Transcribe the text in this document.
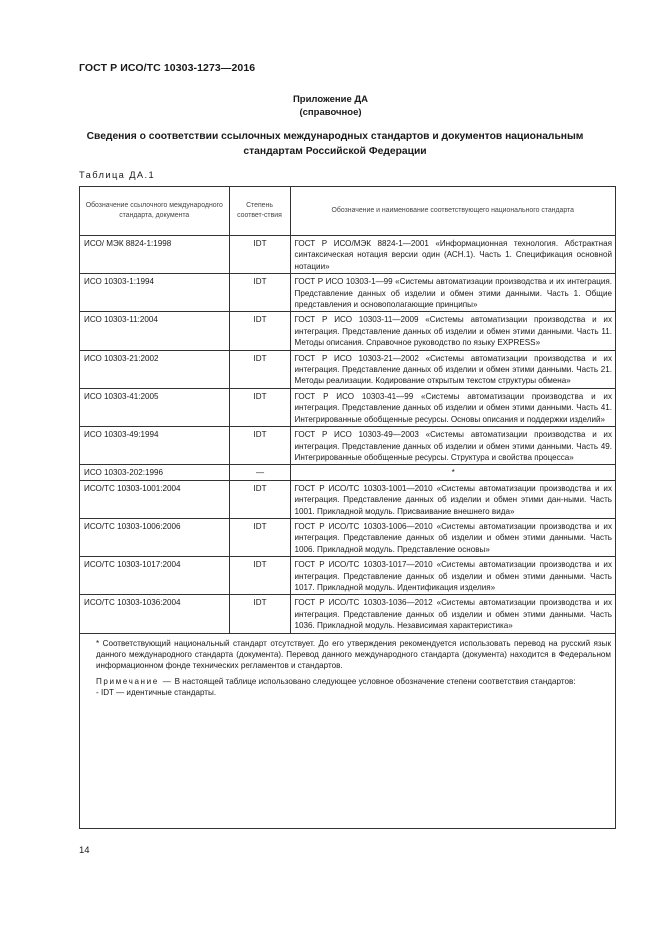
ГОСТ Р ИСО/ТС 10303-1273—2016
Приложение ДА
(справочное)
Сведения о соответствии ссылочных международных стандартов и документов национальным
стандартам Российской Федерации
Таблица ДА.1
Обозначение ссылочного международного стандарта, документа	Степень соответ-ствия	Обозначение и наименование соответствующего национального стандарта
ИСО/ МЭК 8824-1:1998	IDT	ГОСТ Р ИСО/МЭК 8824-1—2001 «Информационная технология. Абстрактная синтаксическая нотация версии один (АСН.1). Часть 1. Спецификация основной нотации»
ИСО 10303-1:1994	IDT	ГОСТ Р ИСО 10303-1—99 «Системы автоматизации производства и их интеграция. Представление данных об изделии и обмен этими данными. Часть 1. Общие представления и основополагающие принципы»
ИСО 10303-11:2004	IDT	ГОСТ Р ИСО 10303-11—2009 «Системы автоматизации производства и их интеграция. Представление данных об изделии и обмен этими данными. Часть 11. Методы описания. Справочное руководство по языку EXPRESS»
ИСО 10303-21:2002	IDT	ГОСТ Р ИСО 10303-21—2002 «Системы автоматизации производства и их интеграция. Представление данных об изделии и обмен этими данными. Часть 21. Методы реализации. Кодирование открытым текстом структуры обмена»
ИСО 10303-41:2005	IDT	ГОСТ Р ИСО 10303-41—99 «Системы автоматизации производства и их интеграция. Представление данных об изделии и обмен этими данными. Часть 41. Интегрированные обобщенные ресурсы. Основы описания и поддержки изделий»
ИСО 10303-49:1994	IDT	ГОСТ Р ИСО 10303-49—2003 «Системы автоматизации производства и их интеграция. Представление данных об изделии и обмен этими данными. Часть 49. Интегрированные обобщенные ресурсы. Структура и свойства процесса»
ИСО 10303-202:1996	—	*
ИСО/ТС 10303-1001:2004	IDT	ГОСТ Р ИСО/ТС 10303-1001—2010 «Системы автоматизации производства и их интеграция. Представление данных об изделии и обмен этими дан-ными. Часть 1001. Прикладной модуль. Присваивание внешнего вида»
ИСО/ТС 10303-1006:2006	IDT	ГОСТ Р ИСО/ТС 10303-1006—2010 «Системы автоматизации производства и их интеграция. Представление данных об изделии и обмен этими данными. Часть 1006. Прикладной модуль. Представление основы»
ИСО/ТС 10303-1017:2004	IDT	ГОСТ Р ИСО/ТС 10303-1017—2010 «Системы автоматизации производства и их интеграция. Представление данных об изделии и обмен этими данными. Часть 1017. Прикладной модуль. Идентификация изделия»
ИСО/ТС 10303-1036:2004	IDT	ГОСТ Р ИСО/ТС 10303-1036—2012 «Системы автоматизации производства и их интеграция. Представление данных об изделии и обмен этими данными. Часть 1036. Прикладной модуль. Независимая характеристика»

* Соответствующий национальный стандарт отсутствует. До его утверждения рекомендуется использовать перевод на русский язык данного международного стандарта (документа). Перевод данного международного стандарта (документа) находится в Федеральном информационном фонде технических регламентов и стандартов.

Примечание — В настоящей таблице использовано следующее условное обозначение степени соответствия стандартов:

- IDT — идентичные стандарты.

14
